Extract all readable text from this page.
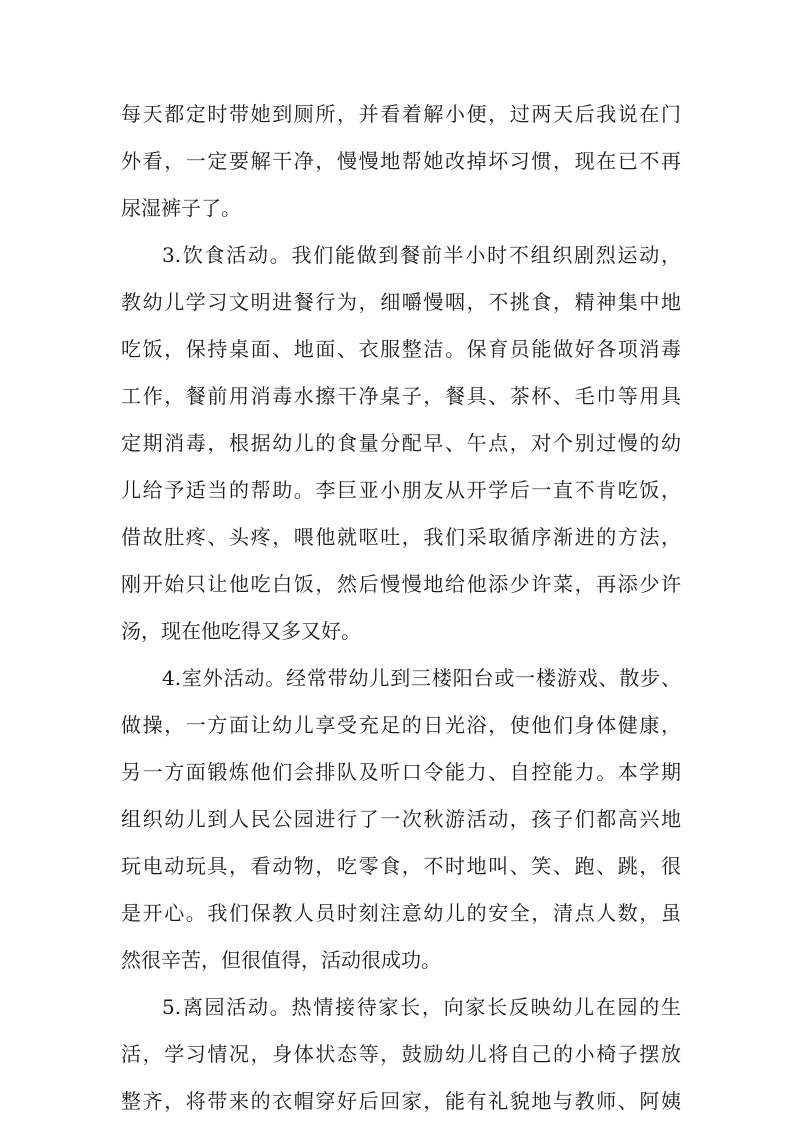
每天都定时带她到厕所，并看着解小便，过两天后我说在门
外看，一定要解干净，慢慢地帮她改掉坏习惯，现在已不再
尿湿裤子了。
3.饮食活动。我们能做到餐前半小时不组织剧烈运动，
教幼儿学习文明进餐行为，细嚼慢咽，不挑食，精神集中地
吃饭，保持桌面、地面、衣服整洁。保育员能做好各项消毒
工作，餐前用消毒水擦干净桌子，餐具、茶杯、毛巾等用具
定期消毒，根据幼儿的食量分配早、午点，对个别过慢的幼
儿给予适当的帮助。李巨亚小朋友从开学后一直不肯吃饭，
借故肚疼、头疼，喂他就呕吐，我们采取循序渐进的方法，
刚开始只让他吃白饭，然后慢慢地给他添少许菜，再添少许
汤，现在他吃得又多又好。
4.室外活动。经常带幼儿到三楼阳台或一楼游戏、散步、
做操，一方面让幼儿享受充足的日光浴，使他们身体健康，
另一方面锻炼他们会排队及听口令能力、自控能力。本学期
组织幼儿到人民公园进行了一次秋游活动，孩子们都高兴地
玩电动玩具，看动物，吃零食，不时地叫、笑、跑、跳，很
是开心。我们保教人员时刻注意幼儿的安全，清点人数，虽
然很辛苦，但很值得，活动很成功。
5.离园活动。热情接待家长，向家长反映幼儿在园的生
活，学习情况，身体状态等，鼓励幼儿将自己的小椅子摆放
整齐，将带来的衣帽穿好后回家，能有礼貌地与教师、阿姨
